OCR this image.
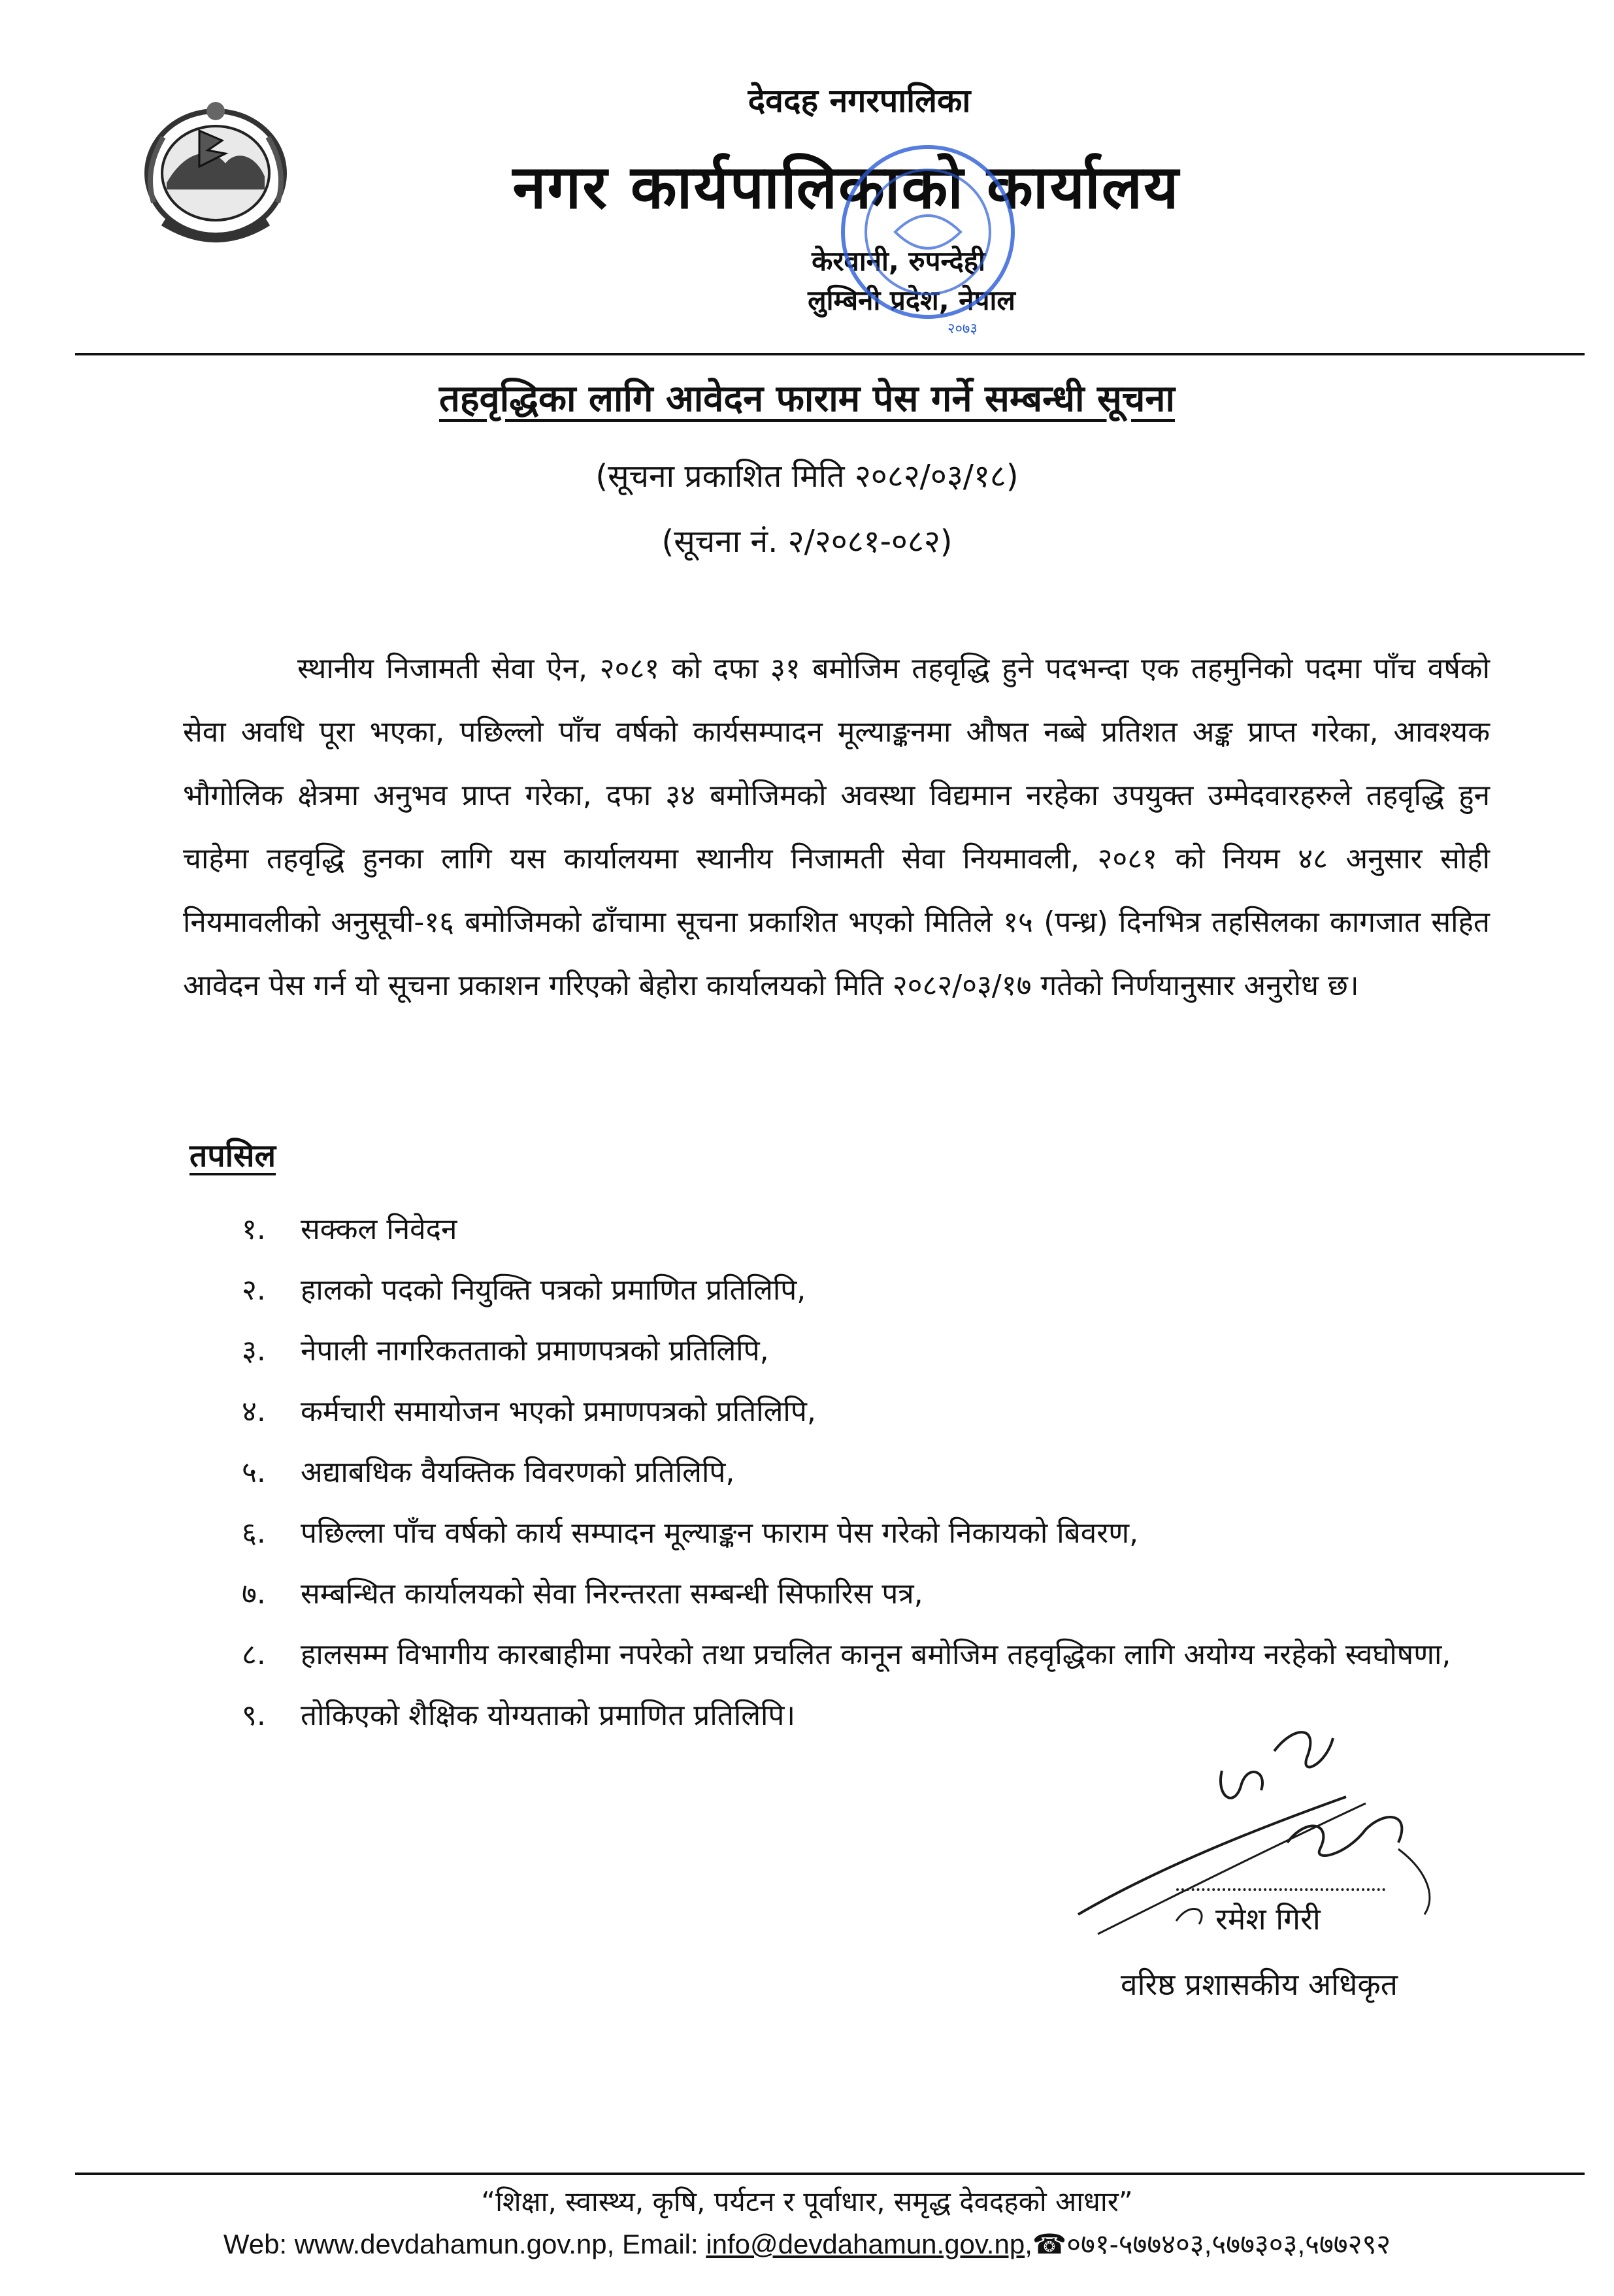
देवदह नगरपालिका
नगर कार्यपालिकाको कार्यालय
केरवानी, रुपन्देही
लुम्बिनी प्रदेश, नेपाल
२०७३
तहवृद्धिका लागि आवेदन फाराम पेस गर्ने सम्बन्धी सूचना
(सूचना प्रकाशित मिति २०८२/०३/१८)
(सूचना नं. २/२०८१-०८२)

स्थानीय निजामती सेवा ऐन, २०८१ को दफा ३१ बमोजिम तहवृद्धि हुने पदभन्दा एक तहमुनिको पदमा पाँच वर्षको सेवा अवधि पूरा भएका, पछिल्लो पाँच वर्षको कार्यसम्पादन मूल्याङ्कनमा औषत नब्बे प्रतिशत अङ्क प्राप्त गरेका, आवश्यक भौगोलिक क्षेत्रमा अनुभव प्राप्त गरेका, दफा ३४ बमोजिमको अवस्था विद्यमान नरहेका उपयुक्त उम्मेदवारहरुले तहवृद्धि हुन चाहेमा तहवृद्धि हुनका लागि यस कार्यालयमा स्थानीय निजामती सेवा नियमावली, २०८१ को नियम ४८ अनुसार सोही नियमावलीको अनुसूची-१६ बमोजिमको ढाँचामा सूचना प्रकाशित भएको मितिले १५ (पन्ध्र) दिनभित्र तहसिलका कागजात सहित आवेदन पेस गर्न यो सूचना प्रकाशन गरिएको बेहोरा कार्यालयको मिति २०८२/०३/१७ गतेको निर्णयानुसार अनुरोध छ।

तपसिल
१. सक्कल निवेदन
२. हालको पदको नियुक्ति पत्रको प्रमाणित प्रतिलिपि,
३. नेपाली नागरिकतताको प्रमाणपत्रको प्रतिलिपि,
४. कर्मचारी समायोजन भएको प्रमाणपत्रको प्रतिलिपि,
५. अद्याबधिक वैयक्तिक विवरणको प्रतिलिपि,
६. पछिल्ला पाँच वर्षको कार्य सम्पादन मूल्याङ्कन फाराम पेस गरेको निकायको बिवरण,
७. सम्बन्धित कार्यालयको सेवा निरन्तरता सम्बन्धी सिफारिस पत्र,
८. हालसम्म विभागीय कारबाहीमा नपरेको तथा प्रचलित कानून बमोजिम तहवृद्धिका लागि अयोग्य नरहेको स्वघोषणा,
९. तोकिएको शैक्षिक योग्यताको प्रमाणित प्रतिलिपि।
रमेश गिरी
वरिष्ठ प्रशासकीय अधिकृत
“शिक्षा, स्वास्थ्य, कृषि, पर्यटन र पूर्वाधार, समृद्ध देवदहको आधार”
Web: www.devdahamun.gov.np, Email: info@devdahamun.gov.np,☎०७१-५७७४०३,५७७३०३,५७७२९२
